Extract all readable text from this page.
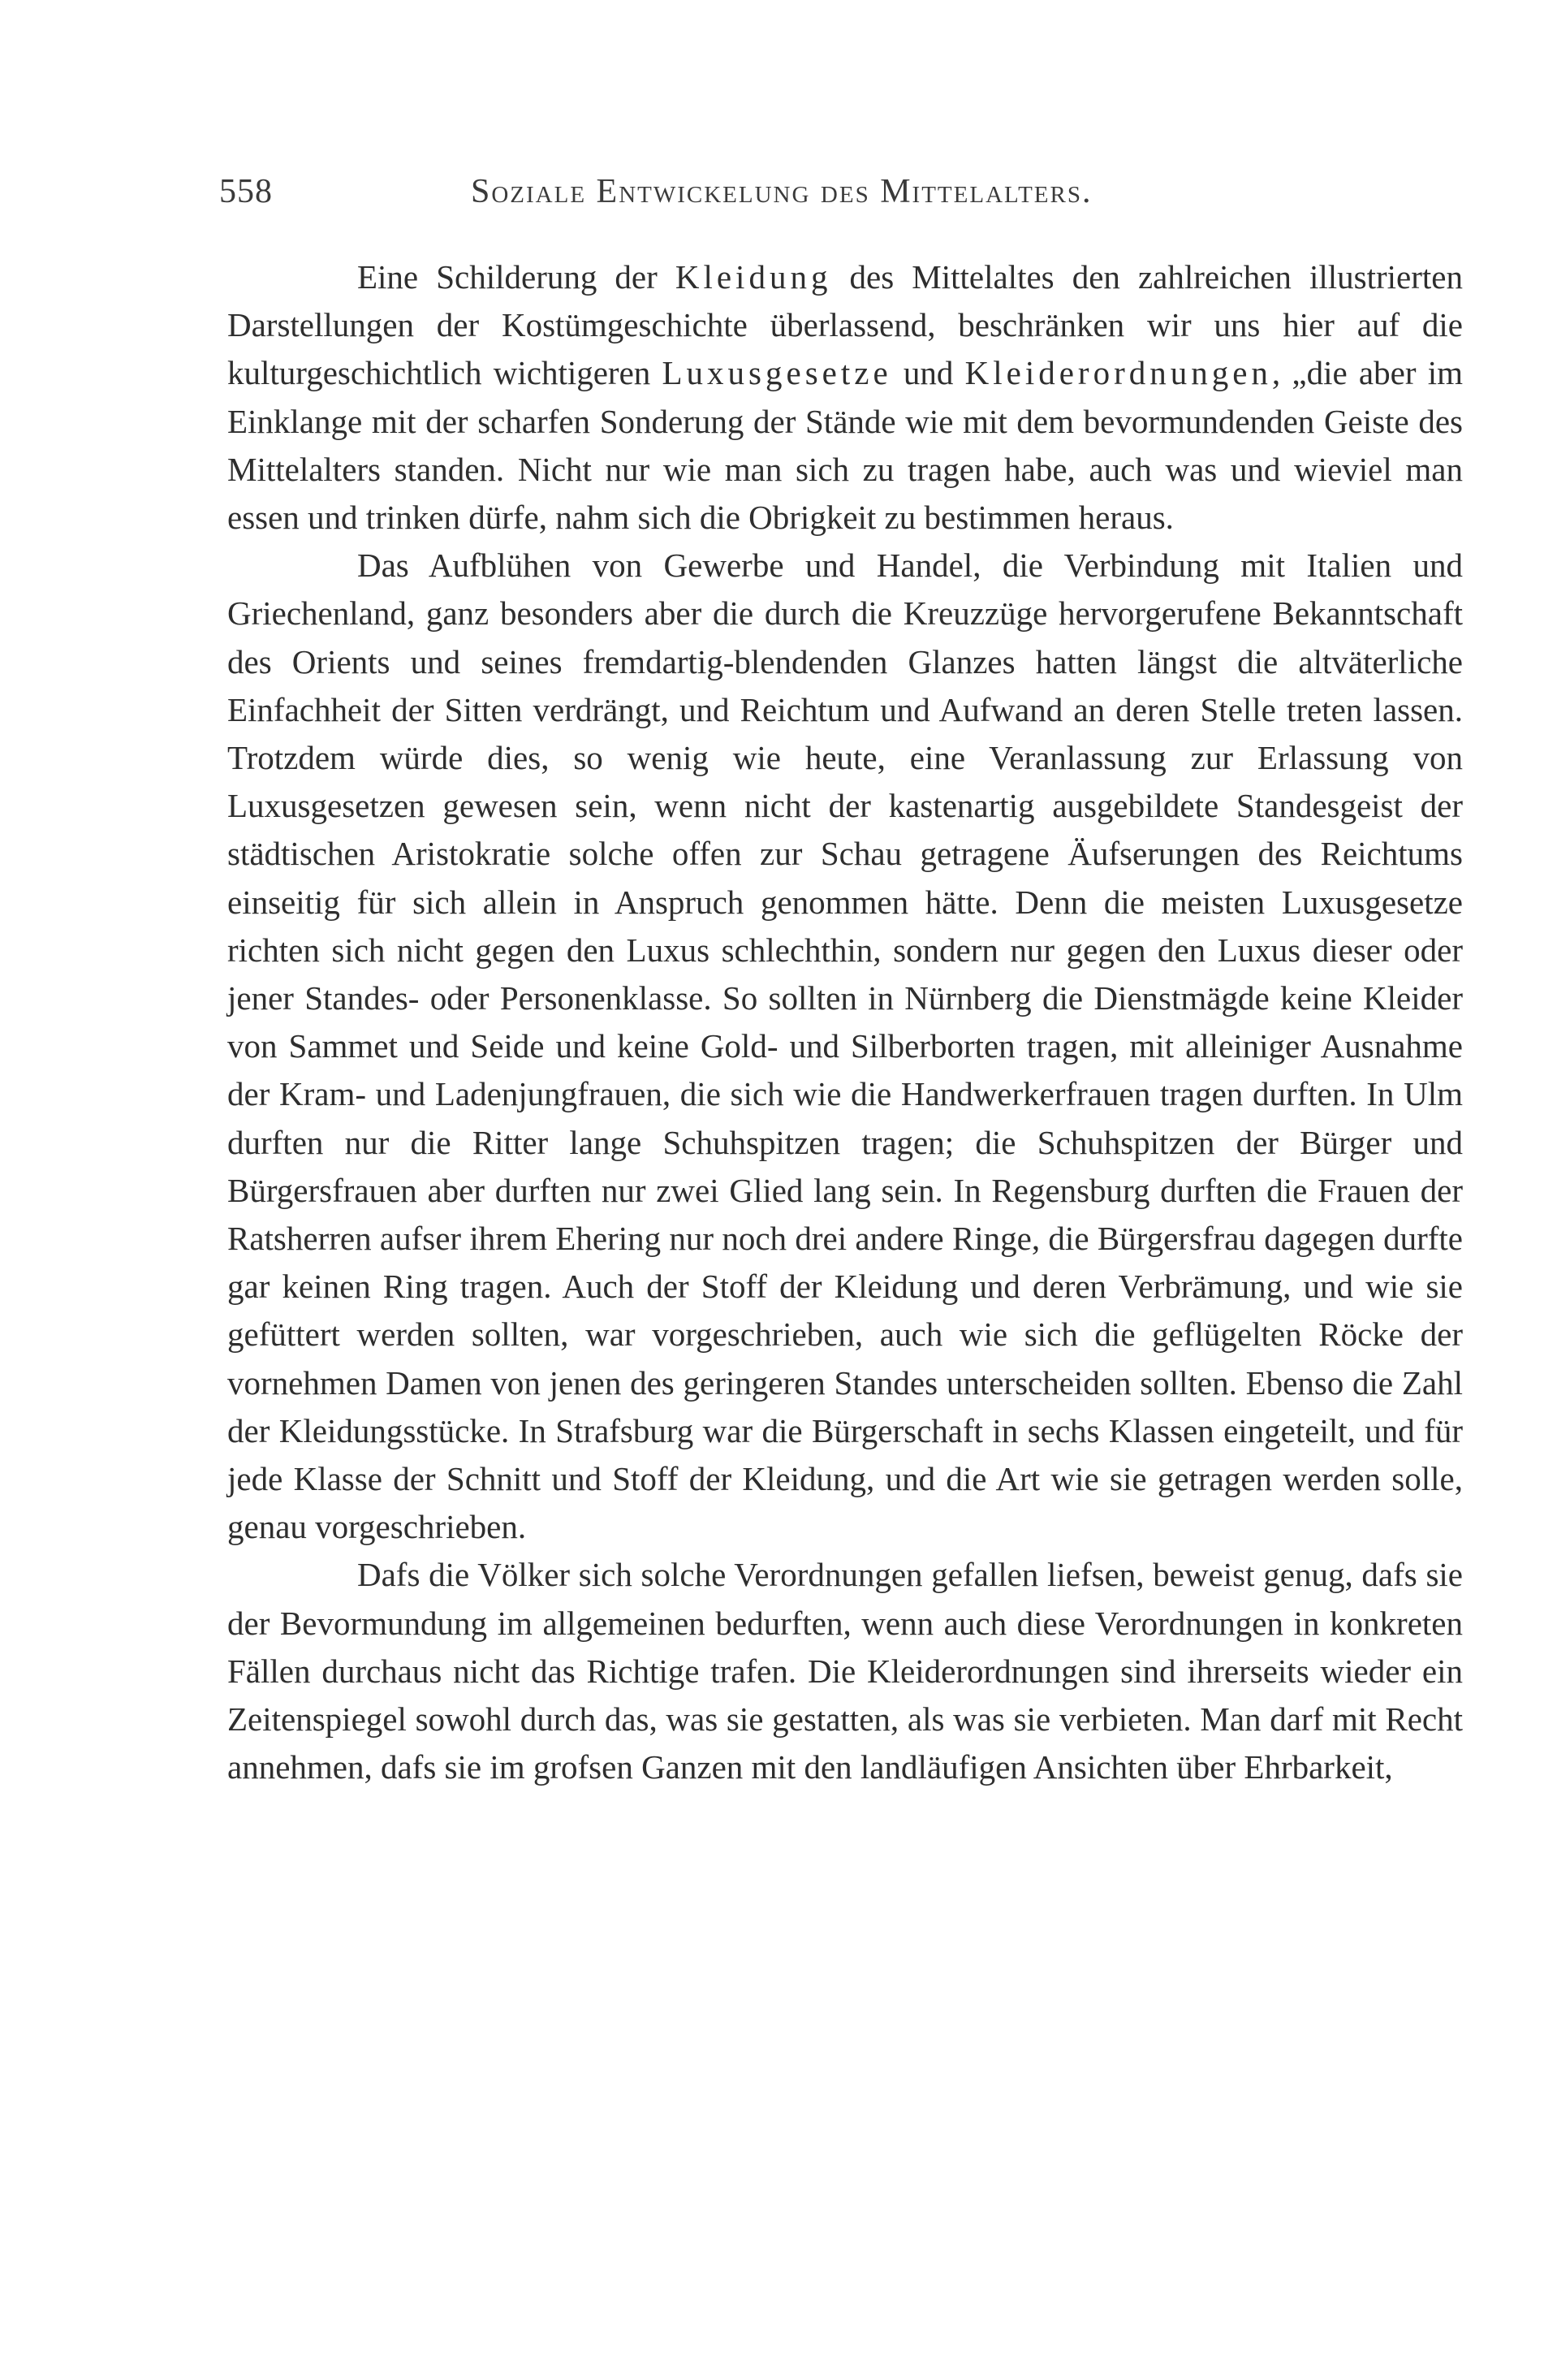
558	Soziale Entwickelung des Mittelalters.

Eine Schilderung der Kleidung des Mittelaltes den zahlreichen illustrierten Darstellungen der Kostümgeschichte überlassend, beschränken wir uns hier auf die kulturgeschichtlich wichtigeren Luxusgesetze und Kleiderordnungen, „die aber im Einklange mit der scharfen Sonderung der Stände wie mit dem bevormundenden Geiste des Mittelalters standen. Nicht nur wie man sich zu tragen habe, auch was und wieviel man essen und trinken dürfe, nahm sich die Obrigkeit zu bestimmen heraus.

Das Aufblühen von Gewerbe und Handel, die Verbindung mit Italien und Griechenland, ganz besonders aber die durch die Kreuzzüge hervorgerufene Bekanntschaft des Orients und seines fremdartig-blendenden Glanzes hatten längst die altväterliche Einfachheit der Sitten verdrängt, und Reichtum und Aufwand an deren Stelle treten lassen. Trotzdem würde dies, so wenig wie heute, eine Veranlassung zur Erlassung von Luxusgesetzen gewesen sein, wenn nicht der kastenartig ausgebildete Standesgeist der städtischen Aristokratie solche offen zur Schau getragene Äufserungen des Reichtums einseitig für sich allein in Anspruch genommen hätte. Denn die meisten Luxusgesetze richten sich nicht gegen den Luxus schlechthin, sondern nur gegen den Luxus dieser oder jener Standes- oder Personenklasse. So sollten in Nürnberg die Dienstmägde keine Kleider von Sammet und Seide und keine Gold- und Silberborten tragen, mit alleiniger Ausnahme der Kram- und Ladenjungfrauen, die sich wie die Handwerkerfrauen tragen durften. In Ulm durften nur die Ritter lange Schuhspitzen tragen; die Schuhspitzen der Bürger und Bürgersfrauen aber durften nur zwei Glied lang sein. In Regensburg durften die Frauen der Ratsherren aufser ihrem Ehering nur noch drei andere Ringe, die Bürgersfrau dagegen durfte gar keinen Ring tragen. Auch der Stoff der Kleidung und deren Verbrämung, und wie sie gefüttert werden sollten, war vorgeschrieben, auch wie sich die geflügelten Röcke der vornehmen Damen von jenen des geringeren Standes unterscheiden sollten. Ebenso die Zahl der Kleidungsstücke. In Strafsburg war die Bürgerschaft in sechs Klassen eingeteilt, und für jede Klasse der Schnitt und Stoff der Kleidung, und die Art wie sie getragen werden solle, genau vorgeschrieben.

Dafs die Völker sich solche Verordnungen gefallen liefsen, beweist genug, dafs sie der Bevormundung im allgemeinen bedurften, wenn auch diese Verordnungen in konkreten Fällen durchaus nicht das Richtige trafen. Die Kleiderordnungen sind ihrerseits wieder ein Zeitenspiegel sowohl durch das, was sie gestatten, als was sie verbieten. Man darf mit Recht annehmen, dafs sie im grofsen Ganzen mit den landläufigen Ansichten über Ehrbarkeit,
